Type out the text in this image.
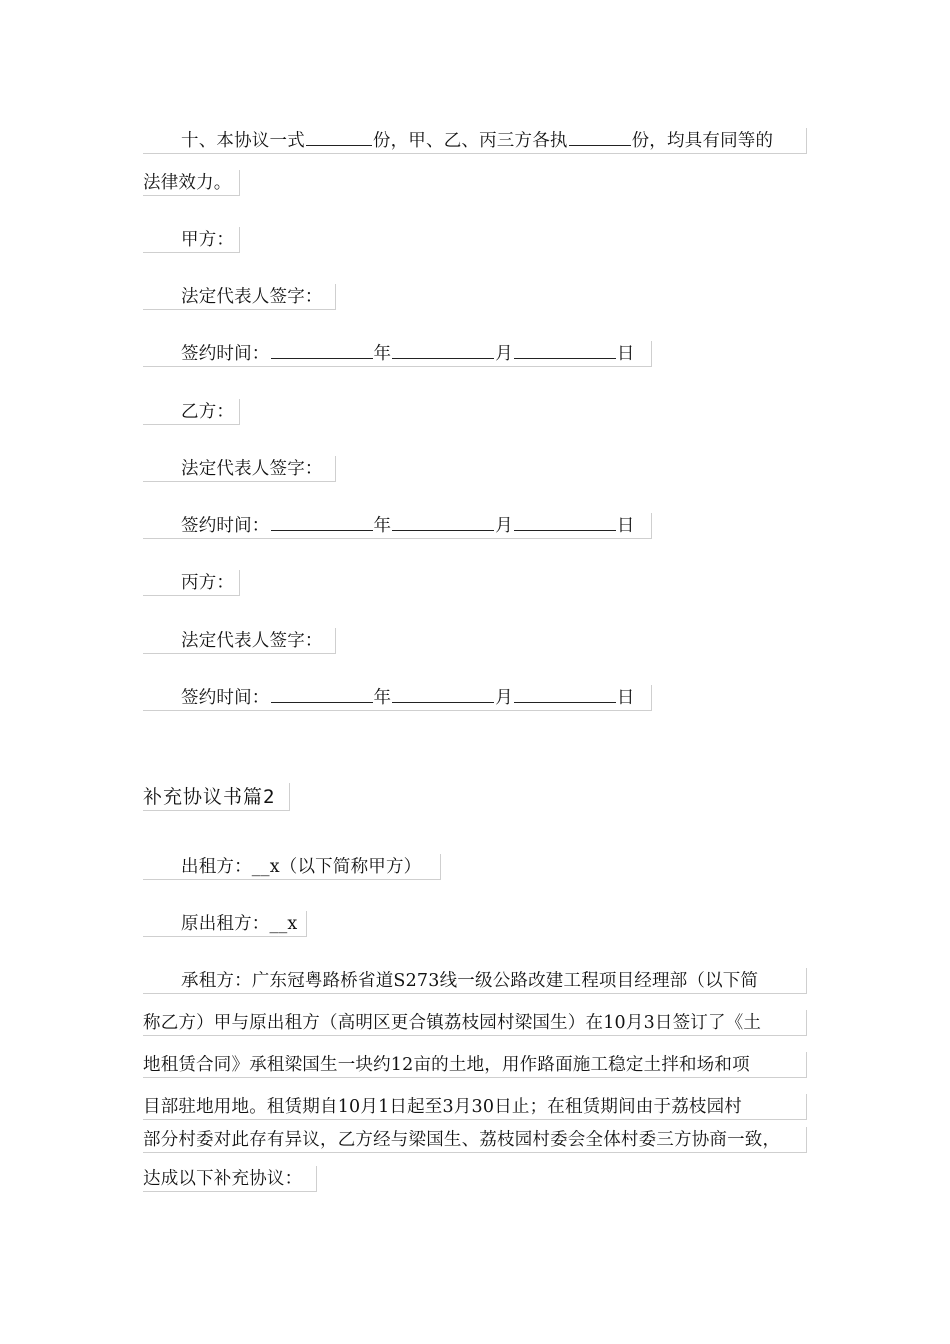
十、本协议一式	份，甲、乙、丙三方各执	份，均具有同等的
法律效力。
甲方：
法定代表人签字：
签约时间：	年	月	日
乙方：
法定代表人签字：
签约时间：	年	月	日
丙方：
法定代表人签字：
签约时间：	年	月	日
补充协议书篇2
出租方：__x（以下简称甲方）
原出租方：__x
承租方：广东冠粤路桥省道S273线一级公路改建工程项目经理部（以下简
称乙方）甲与原出租方（高明区更合镇荔枝园村梁国生）在10月3日签订了《土
地租赁合同》承租梁国生一块约12亩的土地，用作路面施工稳定土拌和场和项
目部驻地用地。租赁期自10月1日起至3月30日止；在租赁期间由于荔枝园村
部分村委对此存有异议，乙方经与梁国生、荔枝园村委会全体村委三方协商一致，
达成以下补充协议：
